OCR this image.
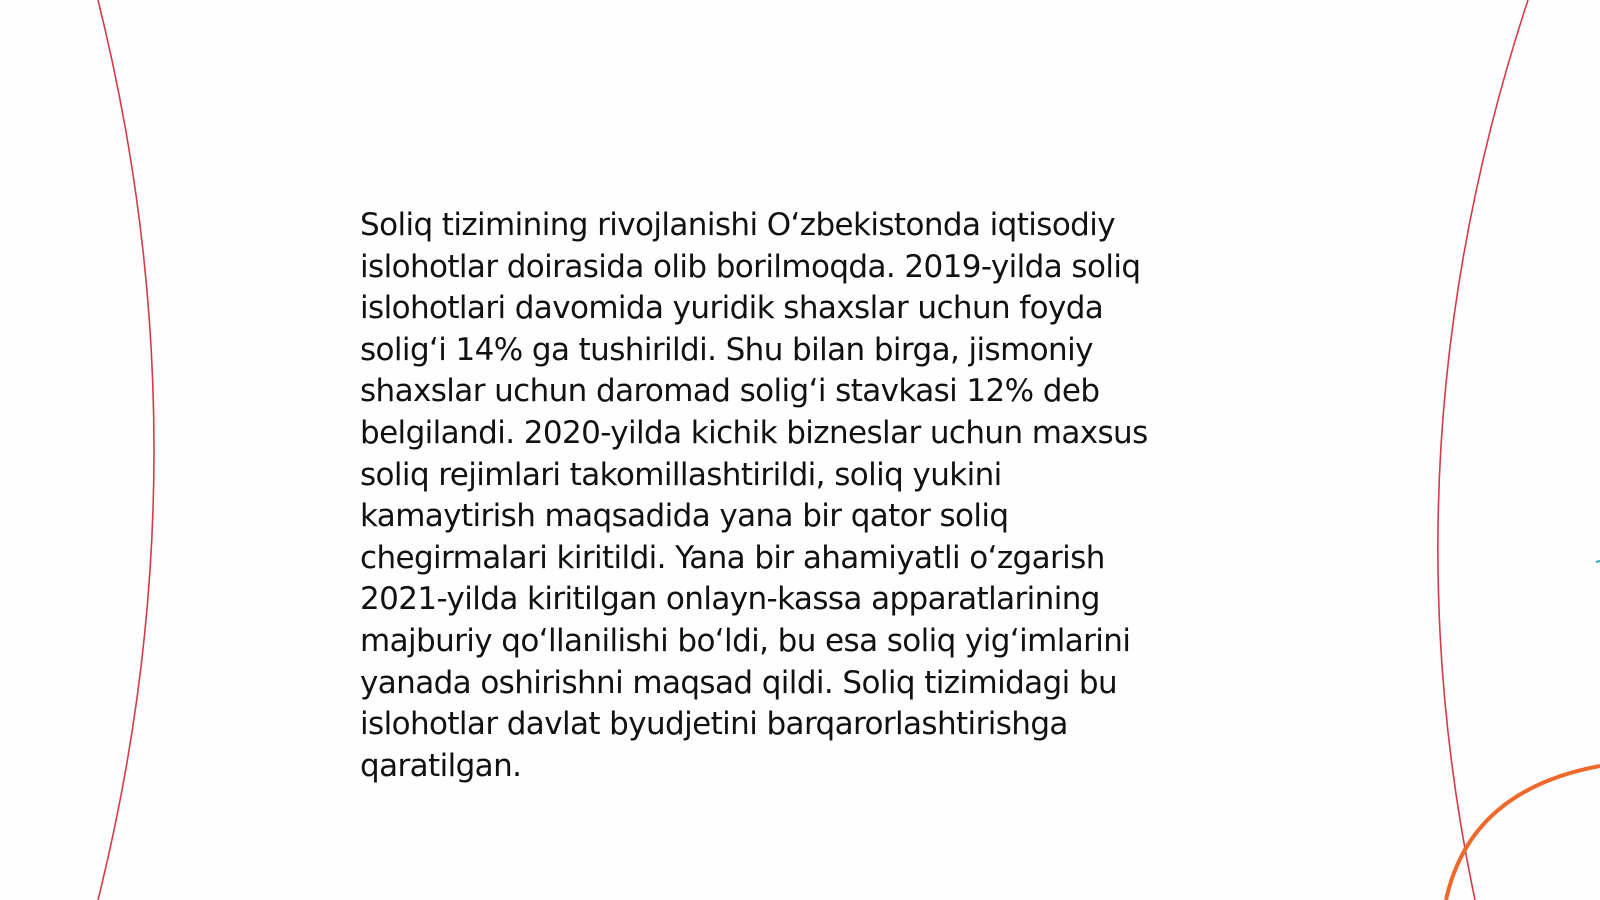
Soliq tizimining rivojlanishi O‘zbekistonda iqtisodiy
islohotlar doirasida olib borilmoqda. 2019-yilda soliq
islohotlari davomida yuridik shaxslar uchun foyda
solig‘i 14% ga tushirildi. Shu bilan birga, jismoniy
shaxslar uchun daromad solig‘i stavkasi 12% deb
belgilandi. 2020-yilda kichik bizneslar uchun maxsus
soliq rejimlari takomillashtirildi, soliq yukini
kamaytirish maqsadida yana bir qator soliq
chegirmalari kiritildi. Yana bir ahamiyatli o‘zgarish
2021-yilda kiritilgan onlayn-kassa apparatlarining
majburiy qo‘llanilishi bo‘ldi, bu esa soliq yig‘imlarini
yanada oshirishni maqsad qildi. Soliq tizimidagi bu
islohotlar davlat byudjetini barqarorlashtirishga
qaratilgan.
